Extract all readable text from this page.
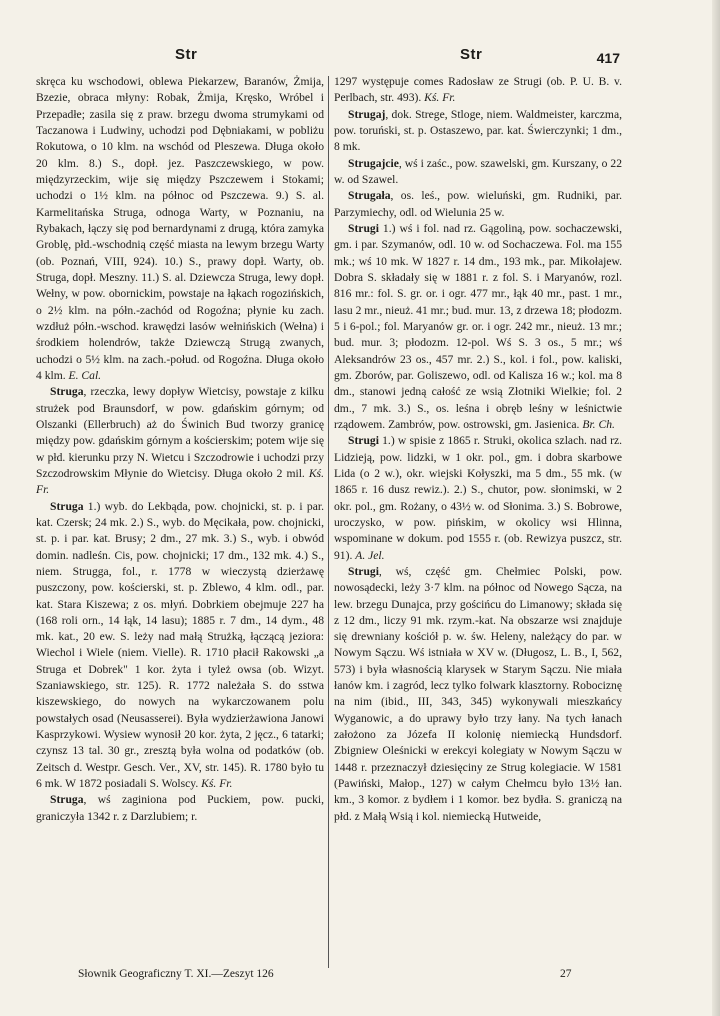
Str	Str	417

skręca ku wschodowi, oblewa Piekarzew, Baranów, Żmija, Bzezie, obraca młyny: Robak, Żmija, Kręsko, Wróbel i Przepadłe; zasila się z praw. brzegu dwoma strumykami od Taczanowa i Ludwiny, uchodzi pod Dębniakami, w pobliżu Rokutowa, o 10 klm. na wschód od Pleszewa. Długa około 20 klm. 8.) S., dopł. jez. Paszczewskiego, w pow. międzyrzeckim, wije się między Pszczewem i Stokami; uchodzi o 1½ klm. na północ od Pszczewa. 9.) S. al. Karmelitańska Struga, odnoga Warty, w Poznaniu, na Rybakach, łączy się pod bernardynami z drugą, która zamyka Groblę, płd.-wschodnią część miasta na lewym brzegu Warty (ob. Poznań, VIII, 924). 10.) S., prawy dopł. Warty, ob. Struga, dopł. Meszny. 11.) S. al. Dziewcza Struga, lewy dopł. Wełny, w pow. obornickim, powstaje na łąkach rogozińskich, o 2½ klm. na półn.-zachód od Rogoźna; płynie ku zach. wzdłuż półn.-wschod. krawędzi lasów wełnińskich (Wełna) i środkiem holendrów, także Dziewczą Strugą zwanych, uchodzi o 5½ klm. na zach.-połud. od Rogoźna. Długa około 4 klm. E. Cal.

Struga, rzeczka, lewy dopływ Wietcisy, powstaje z kilku strużek pod Braunsdorf, w pow. gdańskim górnym; od Olszanki (Ellerbruch) aż do Świnich Bud tworzy granicę między pow. gdańskim górnym a kościerskim; potem wije się w płd. kierunku przy N. Wietcu i Szczodrowie i uchodzi przy Szczodrowskim Młynie do Wietcisy. Długa około 2 mil. Kś. Fr.

Struga 1.) wyb. do Lekbąda, pow. chojnicki, st. p. i par. kat. Czersk; 24 mk. 2.) S., wyb. do Męcikała, pow. chojnicki, st. p. i par. kat. Brusy; 2 dm., 27 mk. 3.) S., wyb. i obwód domin. nadleśn. Cis, pow. chojnicki; 17 dm., 132 mk. 4.) S., niem. Strugga, fol., r. 1778 w wieczystą dzierżawę puszczony, pow. kościerski, st. p. Zblewo, 4 klm. odl., par. kat. Stara Kiszewa; z os. młyń. Dobrkiem obejmuje 227 ha (168 roli orn., 14 łąk, 14 lasu); 1885 r. 7 dm., 14 dym., 48 mk. kat., 20 ew. S. leży nad małą Strużką, łączącą jeziora: Wiechol i Wiele (niem. Vielle). R. 1710 płacił Rakowski „a Struga et Dobrek" 1 kor. żyta i tyleż owsa (ob. Wizyt. Szaniawskiego, str. 125). R. 1772 należała S. do sstwa kiszewskiego, do nowych na wykarczowanem polu powstałych osad (Neusasserei). Była wydzierżawiona Janowi Kasprzykowi. Wysiew wynosił 20 kor. żyta, 2 jęcz., 6 tatarki; czynsz 13 tal. 30 gr., zresztą była wolna od podatków (ob. Zeitsch d. Westpr. Gesch. Ver., XV, str. 145). R. 1780 było tu 6 mk. W 1872 posiadali S. Wolscy. Kś. Fr.

Struga, wś zaginiona pod Puckiem, pow. pucki, graniczyła 1342 r. z Darzlubiem; r.

1297 występuje comes Radosław ze Strugi (ob. P. U. B. v. Perlbach, str. 493). Kś. Fr.

Strugaj, dok. Strege, Stloge, niem. Waldmeister, karczma, pow. toruński, st. p. Ostaszewo, par. kat. Świerczynki; 1 dm., 8 mk.

Strugajcie, wś i zaśc., pow. szawelski, gm. Kurszany, o 22 w. od Szawel.

Strugała, os. leś., pow. wieluński, gm. Rudniki, par. Parzymiechy, odl. od Wielunia 25 w.

Strugi 1.) wś i fol. nad rz. Gągoliną, pow. sochaczewski, gm. i par. Szymanów, odl. 10 w. od Sochaczewa. Fol. ma 155 mk.; wś 10 mk. W 1827 r. 14 dm., 193 mk., par. Mikołajew. Dobra S. składały się w 1881 r. z fol. S. i Maryanów, rozl. 816 mr.: fol. S. gr. or. i ogr. 477 mr., łąk 40 mr., past. 1 mr., lasu 2 mr., nieuż. 41 mr.; bud. mur. 13, z drzewa 18; płodozm. 5 i 6-pol.; fol. Maryanów gr. or. i ogr. 242 mr., nieuż. 13 mr.; bud. mur. 3; płodozm. 12-pol. Wś S. 3 os., 5 mr.; wś Aleksandrów 23 os., 457 mr. 2.) S., kol. i fol., pow. kaliski, gm. Zborów, par. Goliszewo, odl. od Kalisza 16 w.; kol. ma 8 dm., stanowi jedną całość ze wsią Złotniki Wielkie; fol. 2 dm., 7 mk. 3.) S., os. leśna i obręb leśny w leśnictwie rządowem. Zambrów, pow. ostrowski, gm. Jasienica. Br. Ch.

Strugi 1.) w spisie z 1865 r. Struki, okolica szlach. nad rz. Lidzieją, pow. lidzki, w 1 okr. pol., gm. i dobra skarbowe Lida (o 2 w.), okr. wiejski Kołyszki, ma 5 dm., 55 mk. (w 1865 r. 16 dusz rewiz.). 2.) S., chutor, pow. słonimski, w 2 okr. pol., gm. Rożany, o 43½ w. od Słonima. 3.) S. Bobrowe, uroczysko, w pow. pińskim, w okolicy wsi Hlinna, wspominane w dokum. pod 1555 r. (ob. Rewizya puszcz, str. 91). A. Jel.

Strugi, wś, część gm. Chełmiec Polski, pow. nowosądecki, leży 3·7 klm. na północ od Nowego Sącza, na lew. brzegu Dunajca, przy gościńcu do Limanowy; składa się z 12 dm., liczy 91 mk. rzym.-kat. Na obszarze wsi znajduje się drewniany kościół p. w. św. Heleny, należący do par. w Nowym Sączu. Wś istniała w XV w. (Długosz, L. B., I, 562, 573) i była własnością klarysek w Starym Sączu. Nie miała łanów km. i zagród, lecz tylko folwark klasztorny. Robociznę na nim (ibid., III, 343, 345) wykonywali mieszkańcy Wyganowic, a do uprawy było trzy łany. Na tych łanach założono za Józefa II kolonię niemiecką Hundsdorf. Zbigniew Oleśnicki w erekcyi kolegiaty w Nowym Sączu w 1448 r. przeznaczył dziesięciny ze Strug kolegiacie. W 1581 (Pawiński, Małop., 127) w całym Chełmcu było 13½ łan. km., 3 komor. z bydłem i 1 komor. bez bydła. S. graniczą na płd. z Małą Wsią i kol. niemiecką Hutweide,

Słownik Geograficzny T. XI.—Zeszyt 126	27
